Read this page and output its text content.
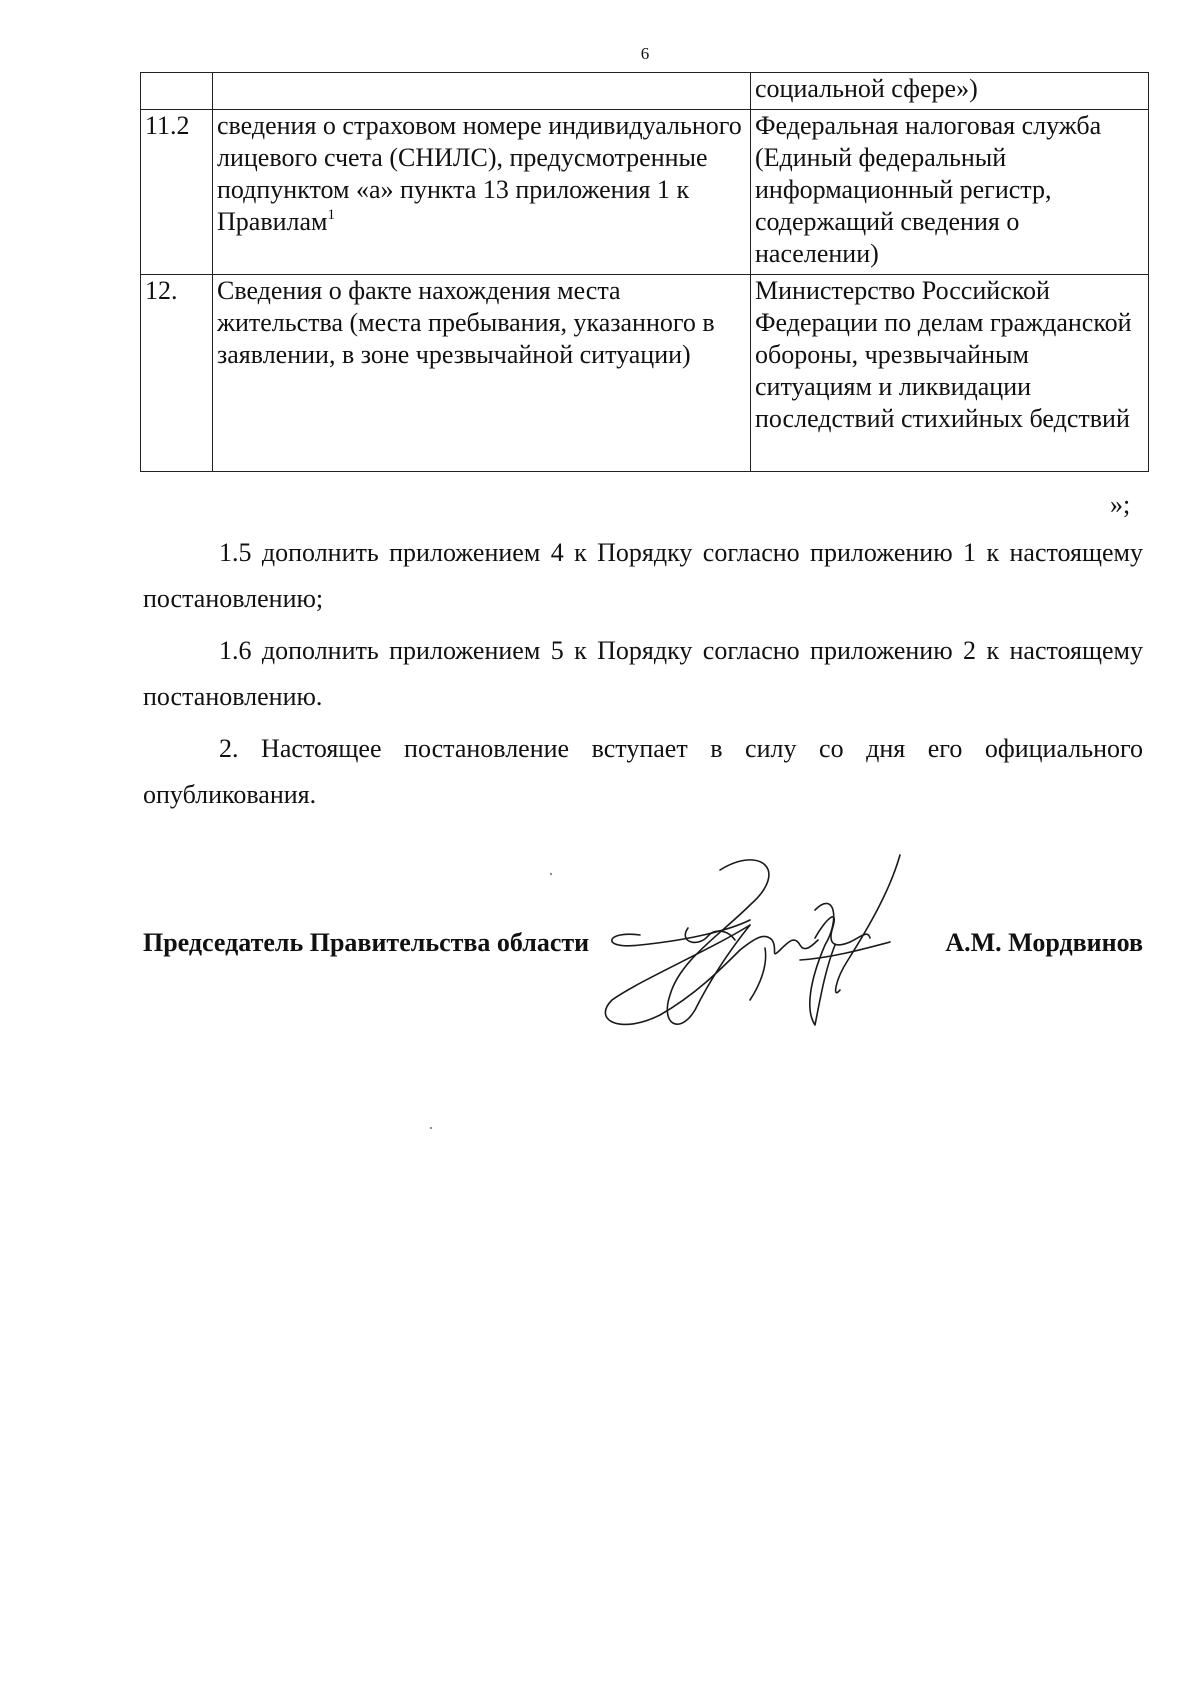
6
		социальной сфере»)
11.2	сведения о страховом номере индивидуального лицевого счета (СНИЛС), предусмотренные подпунктом «а» пункта 13 приложения 1 к Правилам$^1$	Федеральная налоговая служба (Единый федеральный информационный регистр, содержащий сведения о населении)
12.	Сведения о факте нахождения места жительства (места пребывания, указанного в заявлении, в зоне чрезвычайной ситуации)	Министерство Российской Федерации по делам гражданской обороны, чрезвычайным ситуациям и ликвидации последствий стихийных бедствий
»;

1.5 дополнить приложением 4 к Порядку согласно приложению 1 к настоящему постановлению;

1.6 дополнить приложением 5 к Порядку согласно приложению 2 к настоящему постановлению.

2. Настоящее постановление вступает в силу со дня его официального опубликования.

Председатель Правительства области	А.М. Мордвинов
